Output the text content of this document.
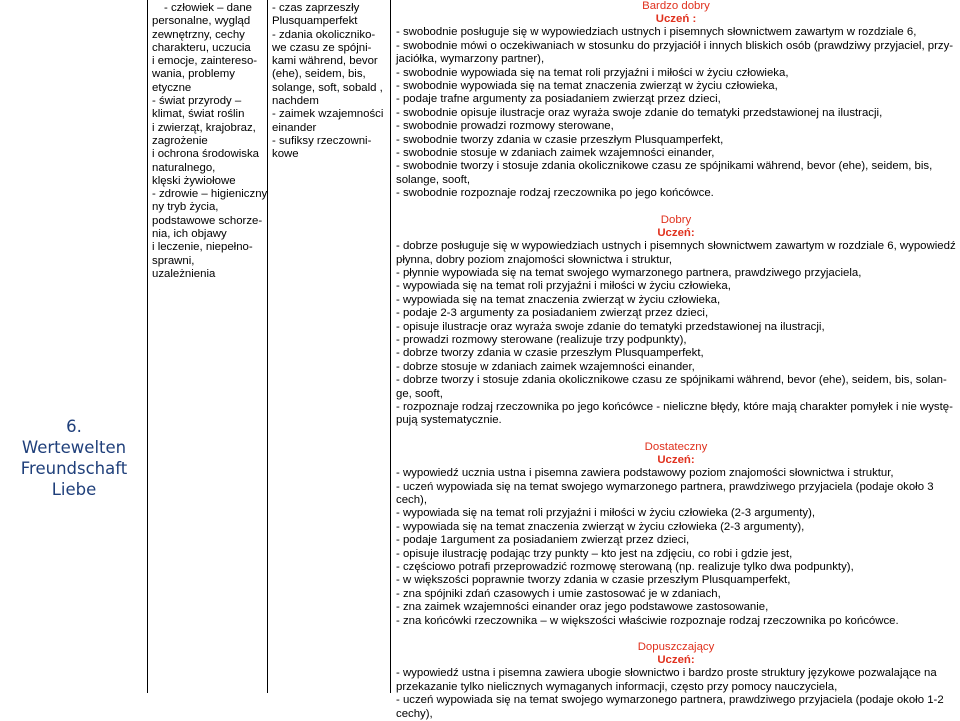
6. Wertewelten
Freundschaft
Liebe
- człowiek – dane
personalne, wygląd
zewnętrzny, cechy
charakteru, uczucia
i emocje, zaintereso-
wania, problemy
etyczne
- świat przyrody –
klimat, świat roślin
i zwierząt, krajobraz,
zagrożenie
i ochrona środowiska
naturalnego,
klęski żywiołowe
- zdrowie – higieniczny
ny tryb życia,
podstawowe schorze-
nia, ich objawy
i leczenie, niepełno-
sprawni,
uzależnienia
- czas zaprzeszły
Plusquamperfekt
- zdania okoliczniko-
we czasu ze spójni-
kami während, bevor
(ehe), seidem, bis,
solange, soft, sobald ,
nachdem
- zaimek wzajemności
einander
- sufiksy rzeczowni-
kowe
Bardzo dobry
Uczeń :
- swobodnie posługuje się w wypowiedziach ustnych i pisemnych słownictwem zawartym w rozdziale 6,
- swobodnie mówi o oczekiwaniach w stosunku do przyjaciół i innych bliskich osób (prawdziwy przyjaciel, przy-
jaciółka, wymarzony partner),
- swobodnie wypowiada się na temat roli przyjaźni i miłości w życiu człowieka,
- swobodnie wypowiada się na temat znaczenia zwierząt w życiu człowieka,
- podaje trafne argumenty za posiadaniem zwierząt przez dzieci,
- swobodnie opisuje ilustracje oraz wyraża swoje zdanie do tematyki przedstawionej na ilustracji,
- swobodnie prowadzi rozmowy sterowane,
- swobodnie tworzy zdania w czasie przeszłym Plusquamperfekt,
- swobodnie stosuje w zdaniach zaimek wzajemności einander,
- swobodnie tworzy i stosuje zdania okolicznikowe czasu ze spójnikami während, bevor (ehe), seidem, bis,
solange, sooft,
- swobodnie rozpoznaje rodzaj rzeczownika po jego końcówce.
Dobry
Uczeń:
- dobrze posługuje się w wypowiedziach ustnych i pisemnych słownictwem zawartym w rozdziale 6, wypowiedź
płynna, dobry poziom znajomości słownictwa i struktur,
- płynnie wypowiada się na temat swojego wymarzonego partnera, prawdziwego przyjaciela,
- wypowiada się na temat roli przyjaźni i miłości w życiu człowieka,
- wypowiada się na temat znaczenia zwierząt w życiu człowieka,
- podaje 2-3 argumenty za posiadaniem zwierząt przez dzieci,
- opisuje ilustracje oraz wyraża swoje zdanie do tematyki przedstawionej na ilustracji,
- prowadzi rozmowy sterowane (realizuje trzy podpunkty),
- dobrze tworzy zdania w czasie przeszłym Plusquamperfekt,
- dobrze stosuje w zdaniach zaimek wzajemności einander,
- dobrze tworzy i stosuje zdania okolicznikowe czasu ze spójnikami während, bevor (ehe), seidem, bis, solan-
ge, sooft,
- rozpoznaje rodzaj rzeczownika po jego końcówce - nieliczne błędy, które mają charakter pomyłek i nie wystę-
pują systematycznie.
Dostateczny
Uczeń:
- wypowiedź ucznia ustna i pisemna zawiera podstawowy poziom znajomości słownictwa i struktur,
- uczeń wypowiada się na temat swojego wymarzonego partnera, prawdziwego przyjaciela (podaje około 3
cech),
- wypowiada się na temat roli przyjaźni i miłości w życiu człowieka (2-3 argumenty),
- wypowiada się na temat znaczenia zwierząt w życiu człowieka (2-3 argumenty),
- podaje 1argument za posiadaniem zwierząt przez dzieci,
- opisuje ilustrację podając trzy punkty – kto jest na zdjęciu, co robi i gdzie jest,
- częściowo potrafi przeprowadzić rozmowę sterowaną (np. realizuje tylko dwa podpunkty),
- w większości poprawnie tworzy zdania w czasie przeszłym Plusquamperfekt,
- zna spójniki zdań czasowych i umie zastosować je w zdaniach,
- zna zaimek wzajemności einander oraz jego podstawowe zastosowanie,
- zna końcówki rzeczownika – w większości właściwie rozpoznaje rodzaj rzeczownika po końcówce.
Dopuszczający
Uczeń:
- wypowiedź ustna i pisemna zawiera ubogie słownictwo i bardzo proste struktury językowe pozwalające na
przekazanie tylko nielicznych wymaganych informacji, często przy pomocy nauczyciela,
- uczeń wypowiada się na temat swojego wymarzonego partnera, prawdziwego przyjaciela (podaje około 1-2
cechy),
